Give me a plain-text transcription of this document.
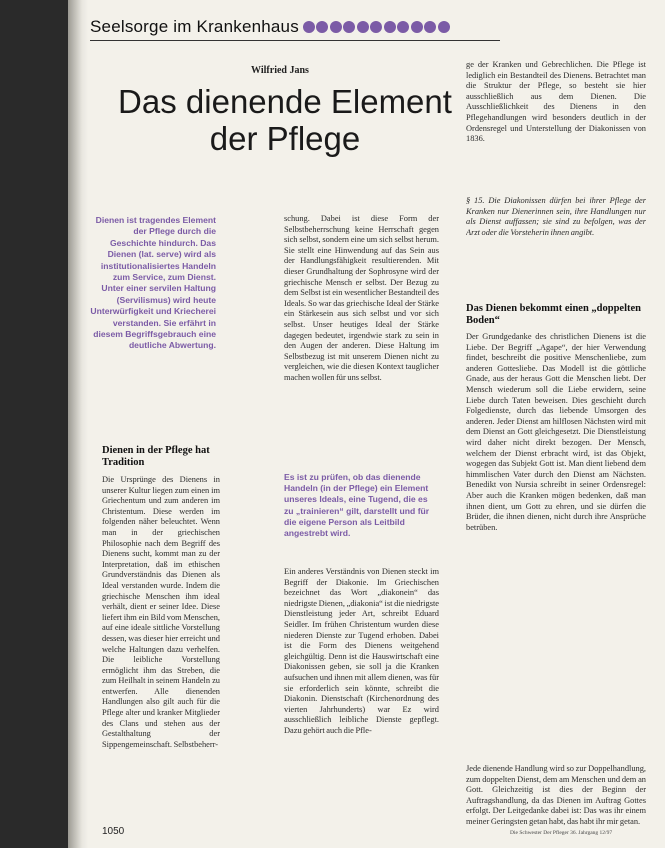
Seelsorge im Krankenhaus
Wilfried Jans
Das dienende Element der Pflege
Dienen ist tragendes Element der Pflege durch die Geschichte hindurch. Das Dienen (lat. serve) wird als institutionalisiertes Handeln zum Service, zum Dienst. Unter einer servilen Haltung (Servilismus) wird heute Unterwürfigkeit und Kriecherei verstanden. Sie erfährt in diesem Begriffsgebrauch eine deutliche Abwertung.
Dienen in der Pflege hat Tradition
Die Ursprünge des Dienens in unserer Kultur liegen zum einen im Griechentum und zum anderen im Christentum. Diese werden im folgenden näher beleuchtet. Wenn man in der griechischen Philosophie nach dem Begriff des Dienens sucht, kommt man zu der Interpretation, daß im ethischen Grundverständnis das Dienen als Ideal verstanden wurde. Indem die griechische Menschen ihm ideal verhält, dient er seiner Idee. Diese liefert ihm ein Bild vom Menschen, auf eine ideale sittliche Vorstellung dessen, was dieser hier erreicht und welche Haltungen dazu verhelfen. Die leibliche Vorstellung ermöglicht ihm das Streben, die zum Heilhalt in seinem Handeln zu entwerfen. Alle dienenden Handlungen also gilt auch für die Pflege alter und kranker Mitglieder des Clans und stehen aus der Gestalthaltung der Sippengemeinschaft. Selbstbeherr-
schung. Dabei ist diese Form der Selbstbeherrschung keine Herrschaft gegen sich selbst, sondern eine um sich selbst herum. Sie stellt eine Hinwendung auf das Sein aus der Handlungsfähigkeit resultierenden. Mit dieser Grundhaltung der Sophrosyne wird der griechische Mensch er selbst. Der Bezug zu dem Selbst ist ein wesentlicher Bestandteil des Ideals. So war das griechische Ideal der Stärke ein Stärkesein aus sich selbst und vor sich selbst. Unser heutiges Ideal der Stärke dagegen bedeutet, irgendwie stark zu sein in den Augen der anderen. Diese Haltung im Selbstbezug ist mit unserem Dienen nicht zu vergleichen, wie die diesen Kontext tauglicher machen wollen für uns selbst.
Es ist zu prüfen, ob das dienende Handeln (in der Pflege) ein Element unseres Ideals, eine Tugend, die es zu „trainieren“ gilt, darstellt und für die eigene Person als Leitbild angestrebt wird.
Ein anderes Verständnis von Dienen steckt im Begriff der Diakonie. Im Griechischen bezeichnet das Wort „diakonein“ das niedrigste Dienen, „diakonia“ ist die niedrigste Dienstleistung jeder Art, schreibt Eduard Seidler. Im frühen Christentum wurden diese niederen Dienste zur Tugend erhoben. Dabei ist die Form des Dienens weitgehend gleichgültig. Denn ist die Hauswirtschaft eine Diakonissen geben, sie soll ja die Kranken aufsuchen und ihnen mit allem dienen, was für sie erforderlich sein könnte, schreibt die Diakonin. Dienstschaft (Kirchenordnung des vierten Jahrhunderts) war Ez wird ausschließlich leibliche Dienste gepflegt. Dazu gehört auch die Pfle-
ge der Kranken und Gebrechlichen. Die Pflege ist lediglich ein Bestandteil des Dienens. Betrachtet man die Struktur der Pflege, so besteht sie hier ausschließlich aus dem Dienen. Die Ausschließlichkeit des Dienens in den Pflegehandlungen wird besonders deutlich in der Ordensregel und Unterstellung der Diakonissen von 1836.
§ 15. Die Diakonissen dürfen bei ihrer Pflege der Kranken nur Dienerinnen sein, ihre Handlungen nur als Dienst auffassen; sie sind zu befolgen, was der Arzt oder die Vorsteherin ihnen angibt.
Das Dienen bekommt einen „doppelten Boden“
Der Grundgedanke des christlichen Dienens ist die Liebe. Der Begriff „Agape“, der hier Verwendung findet, beschreibt die positive Menschenliebe, zum anderen Gottesliebe. Das Modell ist die göttliche Gnade, aus der heraus Gott die Menschen liebt. Der Mensch wiederum soll die Liebe erwidern, seine Liebe durch Taten beweisen. Dies geschieht durch Folgedienste, durch das liebende Umsorgen des anderen. Jeder Dienst am hilflosen Nächsten wird mit dem Dienst an Gott gleichgesetzt. Die Dienstleistung wird daher nicht direkt bezogen. Der Mensch, welchem der Dienst erbracht wird, ist das Objekt, wogegen das Subjekt Gott ist. Man dient liebend dem himmlischen Vater durch den Dienst am Nächsten. Benedikt von Nursia schreibt in seiner Ordensregel: Aber auch die Kranken mögen bedenken, daß man ihnen dient, um Gott zu ehren, und sie dürfen die Brüder, die ihnen dienen, nicht durch ihre Ansprüche betrüben.
Jede dienende Handlung wird so zur Doppelhandlung, zum doppelten Dienst, dem am Menschen und dem an Gott. Gleichzeitig ist dies der Beginn der Auftragshandlung, da das Dienen im Auftrag Gottes erfolgt. Der Leitgedanke dabei ist: Das was ihr einem meiner Geringsten getan habt, das habt ihr mir getan.
1050	Die Schwester Der Pfleger 36. Jahrgang 12/97
